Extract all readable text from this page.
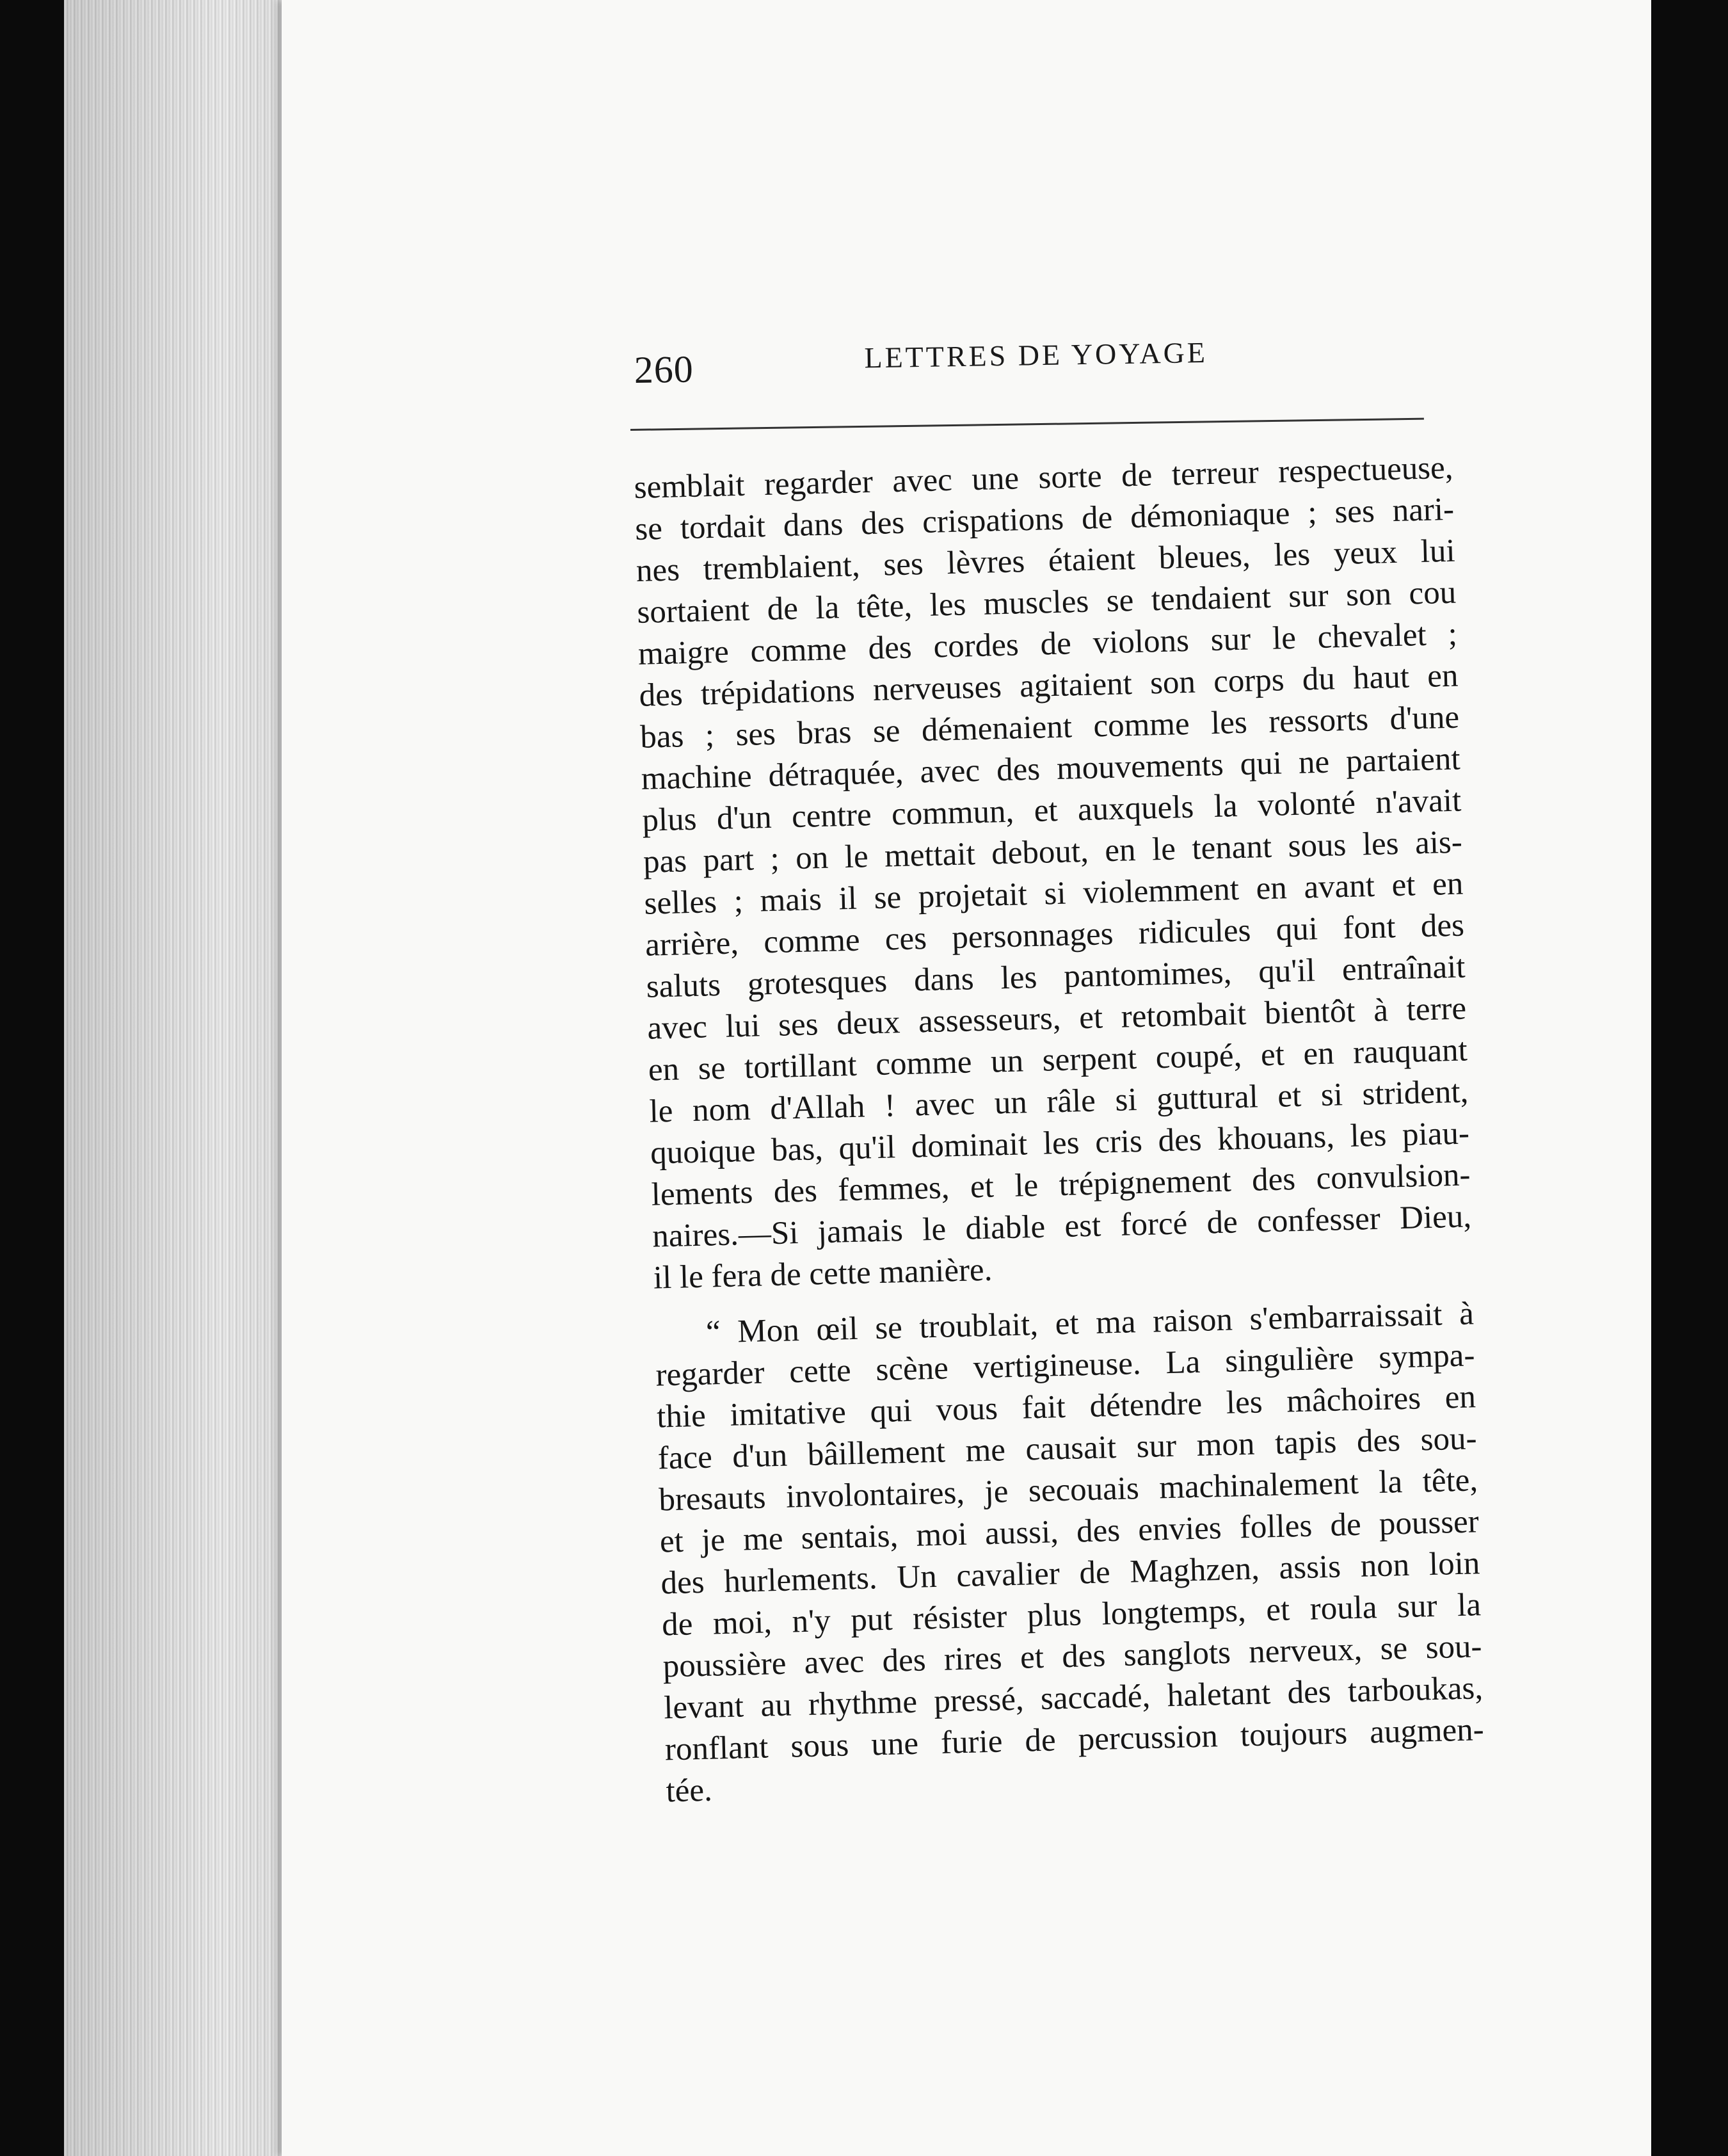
260	LETTRES DE YOYAGE
semblait regarder avec une sorte de terreur respectueuse,
se tordait dans des crispations de démoniaque ; ses nari-
nes tremblaient, ses lèvres étaient bleues, les yeux lui
sortaient de la tête, les muscles se tendaient sur son cou
maigre comme des cordes de violons sur le chevalet ;
des trépidations nerveuses agitaient son corps du haut en
bas ; ses bras se démenaient comme les ressorts d'une
machine détraquée, avec des mouvements qui ne partaient
plus d'un centre commun, et auxquels la volonté n'avait
pas part ; on le mettait debout, en le tenant sous les ais-
selles ; mais il se projetait si violemment en avant et en
arrière, comme ces personnages ridicules qui font des
saluts grotesques dans les pantomimes, qu'il entraînait
avec lui ses deux assesseurs, et retombait bientôt à terre
en se tortillant comme un serpent coupé, et en rauquant
le nom d'Allah ! avec un râle si guttural et si strident,
quoique bas, qu'il dominait les cris des khouans, les piau-
lements des femmes, et le trépignement des convulsion-
naires.—Si jamais le diable est forcé de confesser Dieu,
il le fera de cette manière.
“ Mon œil se troublait, et ma raison s'embarraissait à
regarder cette scène vertigineuse. La singulière sympa-
thie imitative qui vous fait détendre les mâchoires en
face d'un bâillement me causait sur mon tapis des sou-
bresauts involontaires, je secouais machinalement la tête,
et je me sentais, moi aussi, des envies folles de pousser
des hurlements. Un cavalier de Maghzen, assis non loin
de moi, n'y put résister plus longtemps, et roula sur la
poussière avec des rires et des sanglots nerveux, se sou-
levant au rhythme pressé, saccadé, haletant des tarboukas,
ronflant sous une furie de percussion toujours augmen-
tée.
